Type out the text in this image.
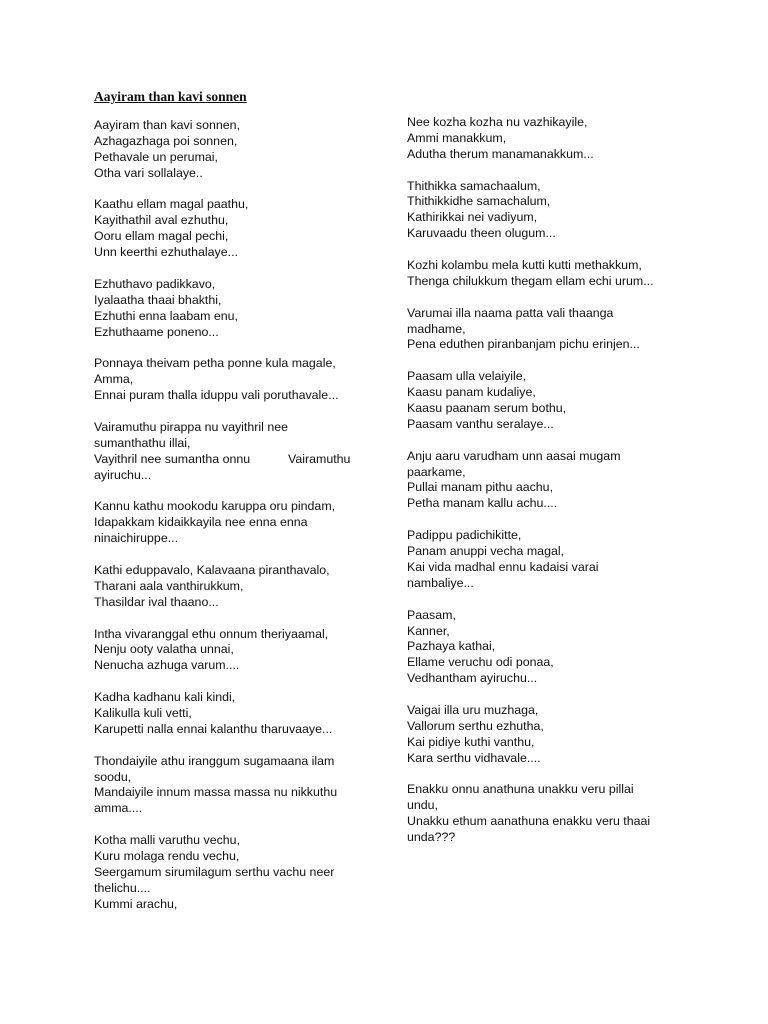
Aayiram than kavi sonnen
Aayiram than kavi sonnen,
Azhagazhaga poi sonnen,
Pethavale un perumai,
Otha vari sollalaye..
Kaathu ellam magal paathu,
Kayithathil aval ezhuthu,
Ooru ellam magal pechi,
Unn keerthi ezhuthalaye...
Ezhuthavo padikkavo,
Iyalaatha thaai bhakthi,
Ezhuthi enna laabam enu,
Ezhuthaame poneno...
Ponnaya theivam petha ponne kula magale,
Amma,
Ennai puram thalla iduppu vali poruthavale...
Vairamuthu pirappa nu vayithril nee
sumanthathu illai,
Vayithril nee sumantha onnu           Vairamuthu
ayiruchu...
Kannu kathu mookodu karuppa oru pindam,
Idapakkam kidaikkayila nee enna enna
ninaichiruppe...
Kathi eduppavalo, Kalavaana piranthavalo,
Tharani aala vanthirukkum,
Thasildar ival thaano...
Intha vivaranggal ethu onnum theriyaamal,
Nenju ooty valatha unnai,
Nenucha azhuga varum....
Kadha kadhanu kali kindi,
Kalikulla kuli vetti,
Karupetti nalla ennai kalanthu tharuvaaye...
Thondaiyile athu iranggum sugamaana ilam
soodu,
Mandaiyile innum massa massa nu nikkuthu
amma....
Kotha malli varuthu vechu,
Kuru molaga rendu vechu,
Seergamum sirumilagum serthu vachu neer
thelichu....
Kummi arachu,
Nee kozha kozha nu vazhikayile,
Ammi manakkum,
Adutha therum manamanakkum...
Thithikka samachaalum,
Thithikkidhe samachalum,
Kathirikkai nei vadiyum,
Karuvaadu theen olugum...
Kozhi kolambu mela kutti kutti methakkum,
Thenga chilukkum thegam ellam echi urum...
Varumai illa naama patta vali thaanga
madhame,
Pena eduthen piranbanjam pichu erinjen...
Paasam ulla velaiyile,
Kaasu panam kudaliye,
Kaasu paanam serum bothu,
Paasam vanthu seralaye...
Anju aaru varudham unn aasai mugam
paarkame,
Pullai manam pithu aachu,
Petha manam kallu achu....
Padippu padichikitte,
Panam anuppi vecha magal,
Kai vida madhal ennu kadaisi varai
nambaliye...
Paasam,
Kanner,
Pazhaya kathai,
Ellame veruchu odi ponaa,
Vedhantham ayiruchu...
Vaigai illa uru muzhaga,
Vallorum serthu ezhutha,
Kai pidiye kuthi vanthu,
Kara serthu vidhavale....
Enakku onnu anathuna unakku veru pillai
undu,
Unakku ethum aanathuna enakku veru thaai
unda???
